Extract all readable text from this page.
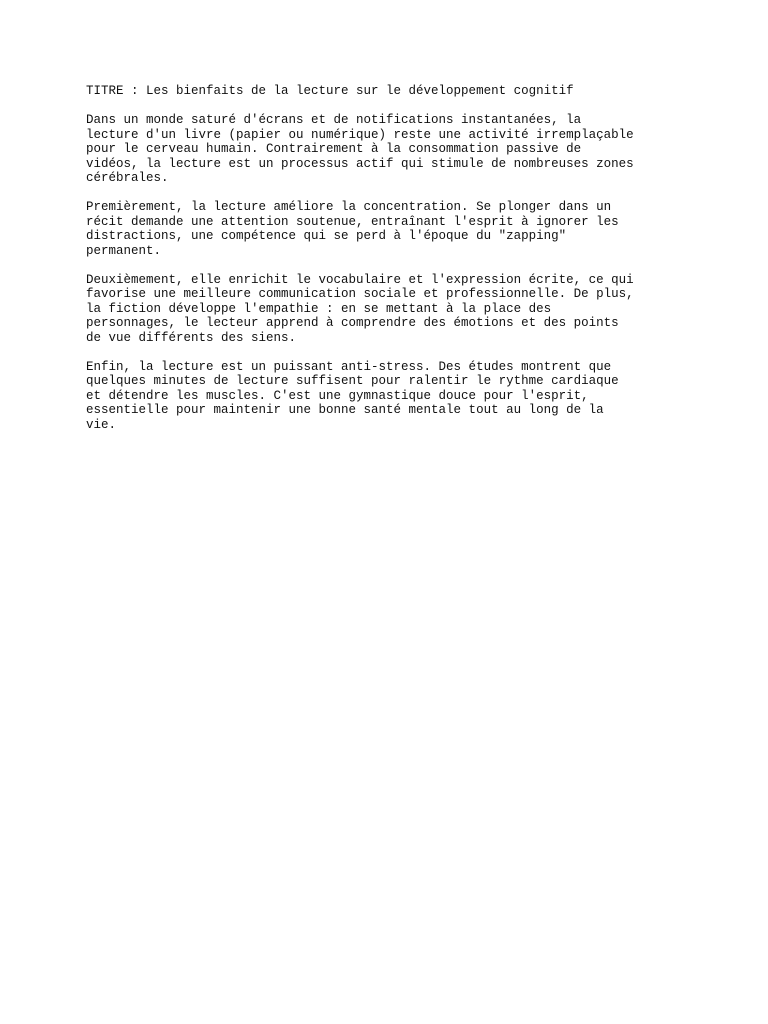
TITRE : Les bienfaits de la lecture sur le développement cognitif
Dans un monde saturé d'écrans et de notifications instantanées, la
lecture d'un livre (papier ou numérique) reste une activité irremplaçable
pour le cerveau humain. Contrairement à la consommation passive de
vidéos, la lecture est un processus actif qui stimule de nombreuses zones
cérébrales.
Premièrement, la lecture améliore la concentration. Se plonger dans un
récit demande une attention soutenue, entraînant l'esprit à ignorer les
distractions, une compétence qui se perd à l'époque du "zapping"
permanent.
Deuxièmement, elle enrichit le vocabulaire et l'expression écrite, ce qui
favorise une meilleure communication sociale et professionnelle. De plus,
la fiction développe l'empathie : en se mettant à la place des
personnages, le lecteur apprend à comprendre des émotions et des points
de vue différents des siens.
Enfin, la lecture est un puissant anti-stress. Des études montrent que
quelques minutes de lecture suffisent pour ralentir le rythme cardiaque
et détendre les muscles. C'est une gymnastique douce pour l'esprit,
essentielle pour maintenir une bonne santé mentale tout au long de la
vie.
